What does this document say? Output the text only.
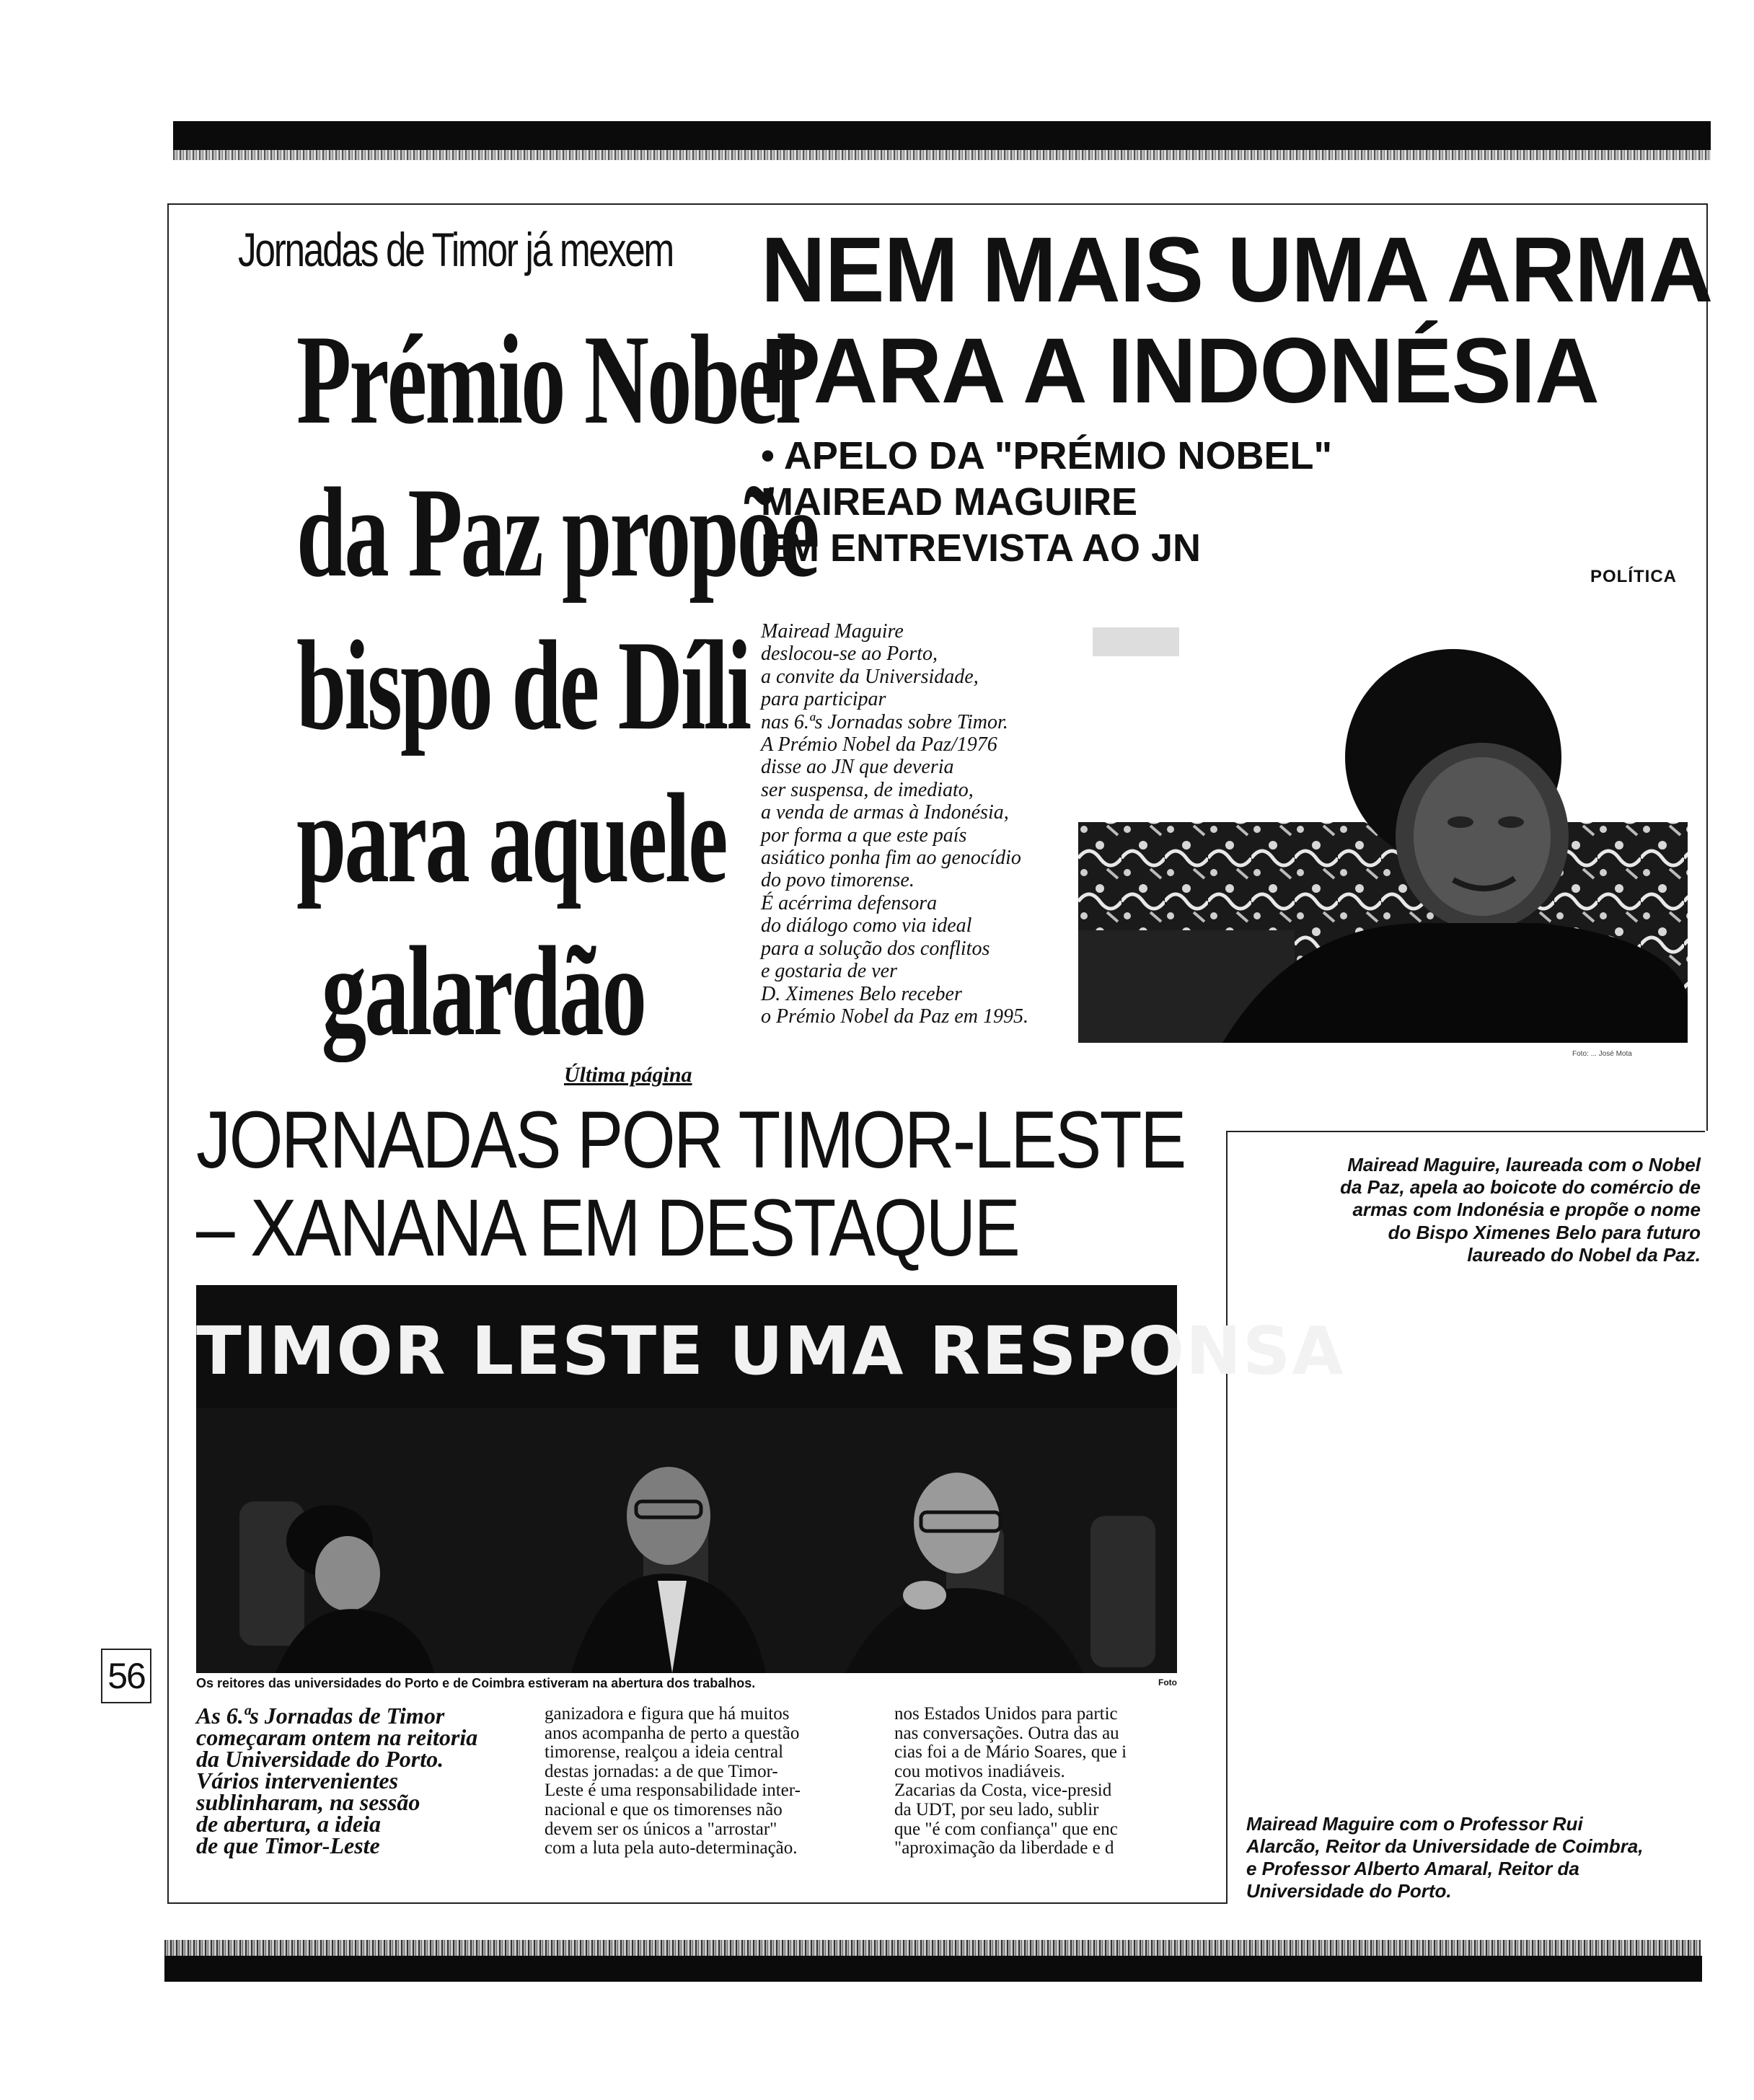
Jornadas de Timor já mexem
Prémio Nobel
da Paz propõe
bispo de Díli
para aquele
galardão
NEM MAIS UMA ARMA
PARA A INDONÉSIA
• APELO DA "PRÉMIO NOBEL"
MAIREAD MAGUIRE
EM ENTREVISTA AO JN
POLÍTICA
Mairead Maguire
deslocou-se ao Porto,
a convite da Universidade,
para participar
nas 6.ªs Jornadas sobre Timor.
A Prémio Nobel da Paz/1976
disse ao JN que deveria
ser suspensa, de imediato,
a venda de armas à Indonésia,
por forma a que este país
asiático ponha fim ao genocídio
do povo timorense.
É acérrima defensora
do diálogo como via ideal
para a solução dos conflitos
e gostaria de ver
D. Ximenes Belo receber
o Prémio Nobel da Paz em 1995.
Foto: ... José Mota
Última página
JORNADAS POR TIMOR-LESTE
– XANANA EM DESTAQUE
Mairead Maguire, laureada com o Nobel
da Paz, apela ao boicote do comércio de
armas com Indonésia e propõe o nome
do Bispo Ximenes Belo para futuro
laureado do Nobel da Paz.
TIMOR LESTE UMA RESPONSA
Os reitores das universidades do Porto e de Coimbra estiveram na abertura dos trabalhos.	Foto
56
As 6.ªs Jornadas de Timor
começaram ontem na reitoria
da Universidade do Porto.
Vários intervenientes
sublinharam, na sessão
de abertura, a ideia
de que Timor-Leste
ganizadora e figura que há muitos
anos acompanha de perto a questão
timorense, realçou a ideia central
destas jornadas: a de que Timor-
Leste é uma responsabilidade inter-
nacional e que os timorenses não
devem ser os únicos a "arrostar"
com a luta pela auto-determinação.
nos Estados Unidos para partic
nas conversações. Outra das au
cias foi a de Mário Soares, que i
cou motivos inadiáveis.
Zacarias da Costa, vice-presid
da UDT, por seu lado, sublir
que "é com confiança" que enc
"aproximação da liberdade e d
Mairead Maguire com o Professor Rui
Alarcão, Reitor da Universidade de Coimbra,
e Professor Alberto Amaral, Reitor da
Universidade do Porto.
